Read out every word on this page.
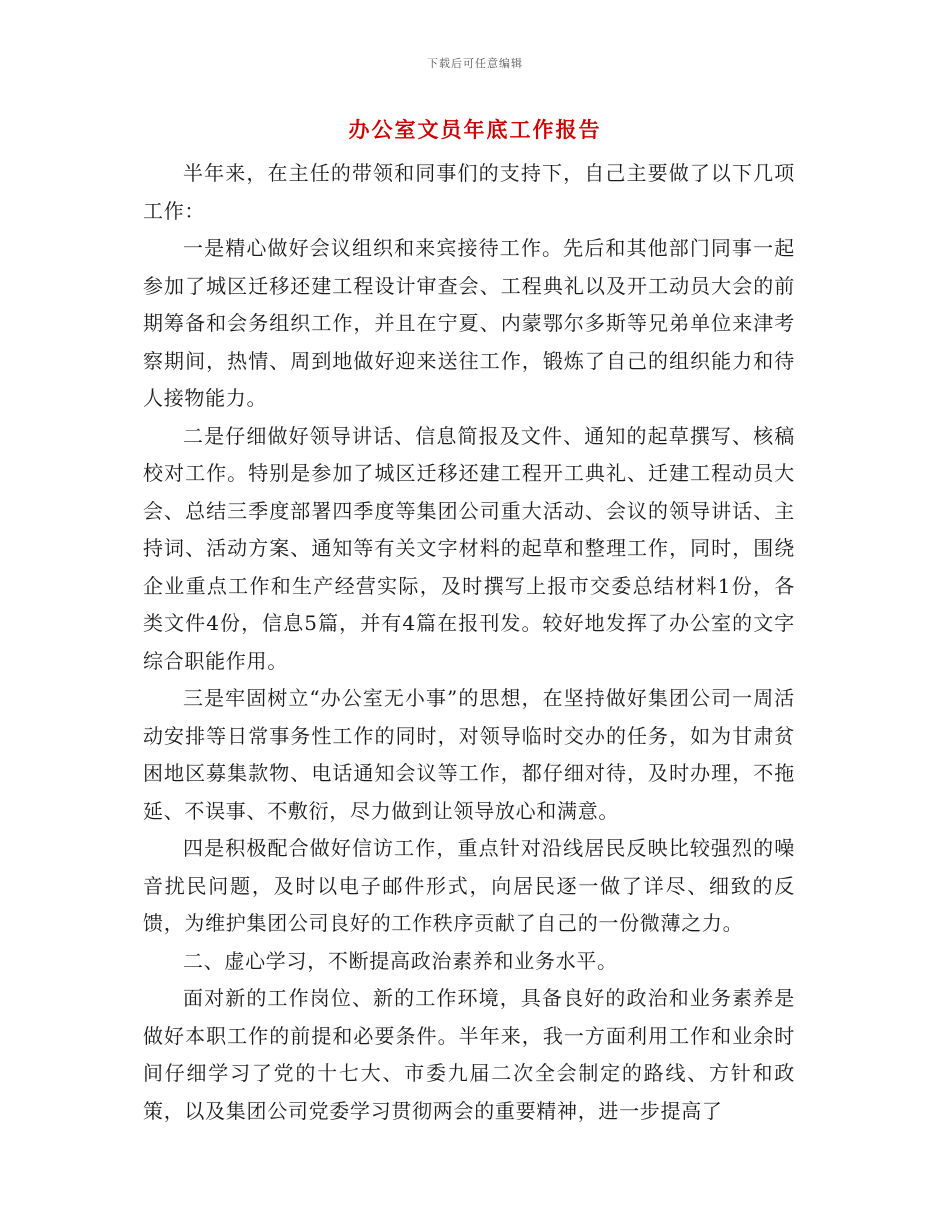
下载后可任意编辑
办公室文员年底工作报告

半年来，在主任的带领和同事们的支持下，自己主要做了以下几项工作：

一是精心做好会议组织和来宾接待工作。先后和其他部门同事一起参加了城区迁移还建工程设计审查会、工程典礼以及开工动员大会的前期筹备和会务组织工作，并且在宁夏、内蒙鄂尔多斯等兄弟单位来津考察期间，热情、周到地做好迎来送往工作，锻炼了自己的组织能力和待人接物能力。

二是仔细做好领导讲话、信息简报及文件、通知的起草撰写、核稿校对工作。特别是参加了城区迁移还建工程开工典礼、迁建工程动员大会、总结三季度部署四季度等集团公司重大活动、会议的领导讲话、主持词、活动方案、通知等有关文字材料的起草和整理工作，同时，围绕企业重点工作和生产经营实际，及时撰写上报市交委总结材料1份，各类文件4份，信息5篇，并有4篇在报刊发。较好地发挥了办公室的文字综合职能作用。

三是牢固树立“办公室无小事”的思想，在坚持做好集团公司一周活动安排等日常事务性工作的同时，对领导临时交办的任务，如为甘肃贫困地区募集款物、电话通知会议等工作，都仔细对待，及时办理，不拖延、不误事、不敷衍，尽力做到让领导放心和满意。

四是积极配合做好信访工作，重点针对沿线居民反映比较强烈的噪音扰民问题，及时以电子邮件形式，向居民逐一做了详尽、细致的反馈，为维护集团公司良好的工作秩序贡献了自己的一份微薄之力。

二、虚心学习，不断提高政治素养和业务水平。

面对新的工作岗位、新的工作环境，具备良好的政治和业务素养是做好本职工作的前提和必要条件。半年来，我一方面利用工作和业余时间仔细学习了党的十七大、市委九届二次全会制定的路线、方针和政策，以及集团公司党委学习贯彻两会的重要精神，进一步提高了
